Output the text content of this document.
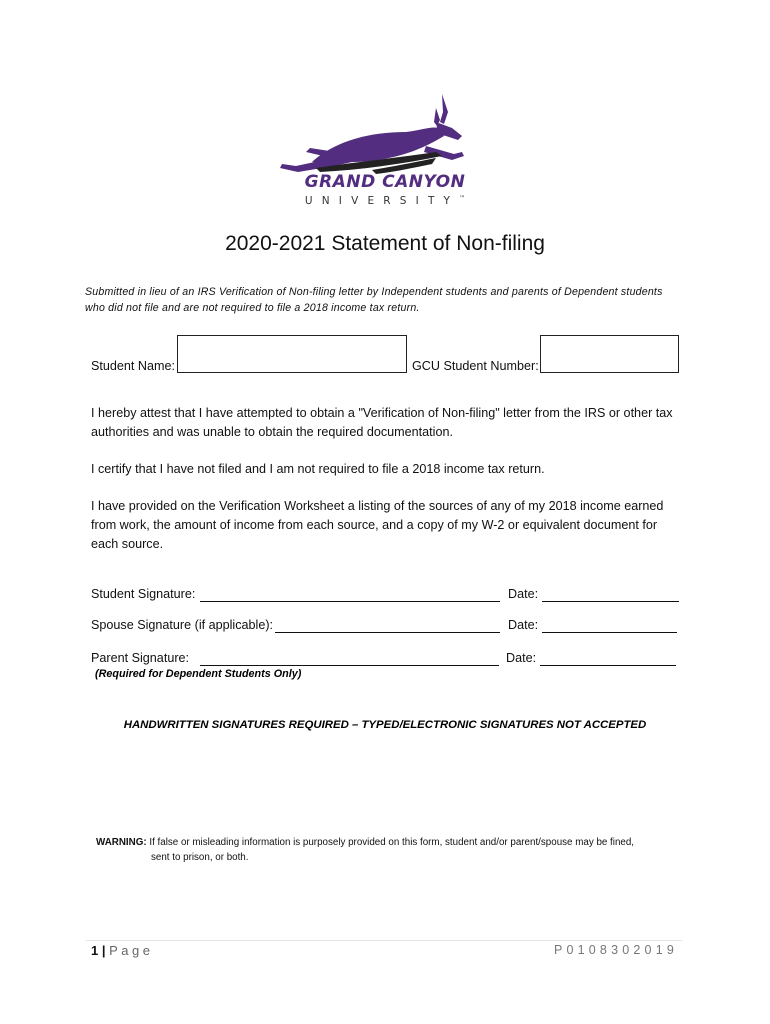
GRAND CANYON
UNIVERSITY™
2020-2021 Statement of Non-filing
Submitted in lieu of an IRS Verification of Non-filing letter by Independent students and parents of Dependent students who did not file and are not required to file a 2018 income tax return.
Student Name:	GCU Student Number:
I hereby attest that I have attempted to obtain a "Verification of Non-filing" letter from the IRS or other tax authorities and was unable to obtain the required documentation.
I certify that I have not filed and I am not required to file a 2018 income tax return.
I have provided on the Verification Worksheet a listing of the sources of any of my 2018 income earned from work, the amount of income from each source, and a copy of my W-2 or equivalent document for each source.
Student Signature:	Date:
Spouse Signature (if applicable):	Date:
Parent Signature:	Date:
(Required for Dependent Students Only)
HANDWRITTEN SIGNATURES REQUIRED – TYPED/ELECTRONIC SIGNATURES NOT ACCEPTED
WARNING: If false or misleading information is purposely provided on this form, student and/or parent/spouse may be fined,
sent to prison, or both.
1 | Page	P0108302019
